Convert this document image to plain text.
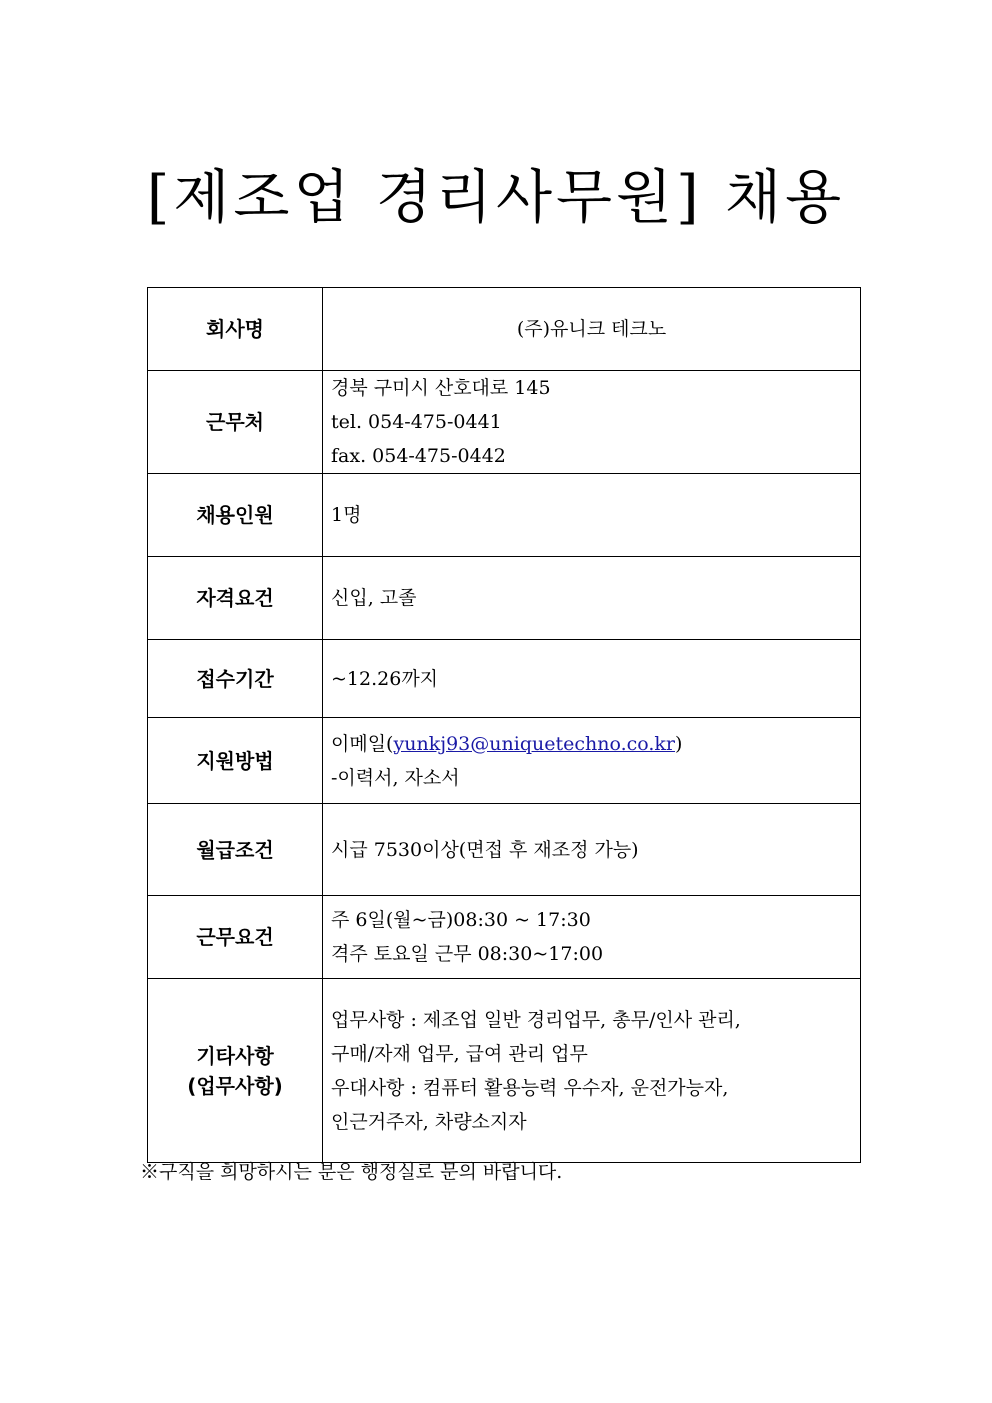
[제조업 경리사무원] 채용
회사명	(주)유니크 테크노

근무처	경북 구미시 산호대로 145
tel. 054-475-0441
fax. 054-475-0442

채용인원	1명

자격요건	신입, 고졸

접수기간	~12.26까지

지원방법	이메일(yunkj93@uniquetechno.co.kr)
-이력서, 자소서

월급조건	시급 7530이상(면접 후 재조정 가능)

근무요건	주 6일(월~금)08:30 ~ 17:30
격주 토요일 근무 08:30~17:00

기타사항
(업무사항)	업무사항 : 제조업 일반 경리업무, 총무/인사 관리,
구매/자재 업무, 급여 관리 업무
우대사항 : 컴퓨터 활용능력 우수자, 운전가능자,
인근거주자, 차량소지자
※구직을 희망하시는 분은 행정실로 문의 바랍니다.
